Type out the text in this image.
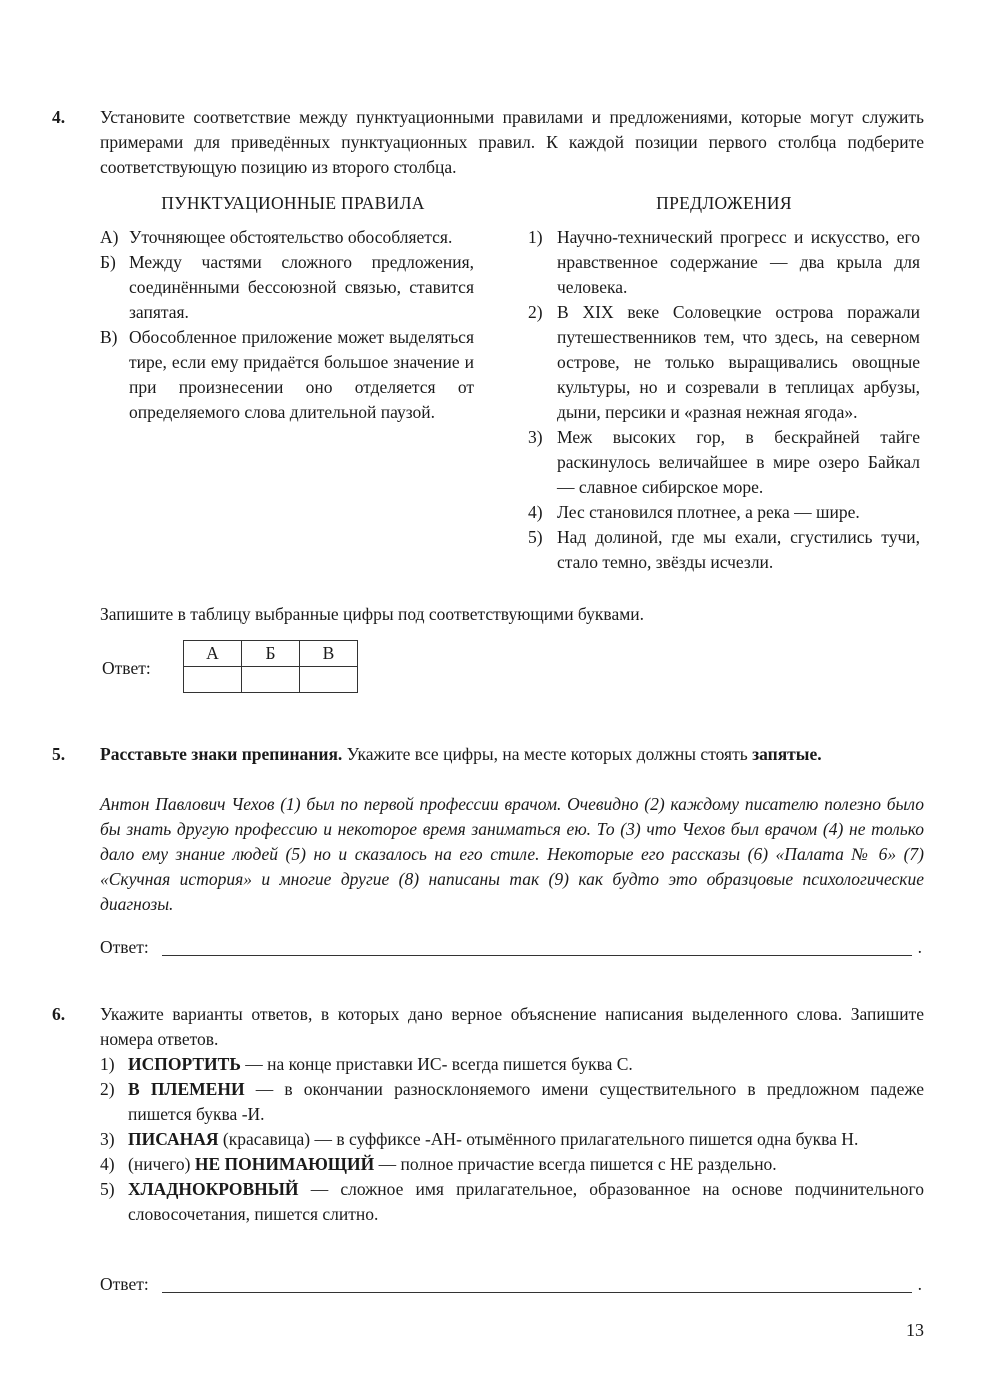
4. Установите соответствие между пунктуационными правилами и предложениями, которые могут служить примерами для приведённых пунктуационных правил. К каждой позиции первого столбца подберите соответствующую позицию из второго столбца.
ПУНКТУАЦИОННЫЕ ПРАВИЛА	ПРЕДЛОЖЕНИЯ
А) Уточняющее обстоятельство обособляется.
Б) Между частями сложного предложения, соединёнными бессоюзной связью, ставится запятая.
В) Обособленное приложение может выделяться тире, если ему придаётся большое значение и при произнесении оно отделяется от определяемого слова длительной паузой.
1) Научно-технический прогресс и искусство, его нравственное содержание — два крыла для человека.
2) В XIX веке Соловецкие острова поражали путешественников тем, что здесь, на северном острове, не только выращивались овощные культуры, но и созревали в теплицах арбузы, дыни, персики и «разная нежная ягода».
3) Меж высоких гор, в бескрайней тайге раскинулось величайшее в мире озеро Байкал — славное сибирское море.
4) Лес становился плотнее, а река — шире.
5) Над долиной, где мы ехали, сгустились тучи, стало темно, звёзды исчезли.
Запишите в таблицу выбранные цифры под соответствующими буквами.
Ответ:
А	Б	В

5. Расставьте знаки препинания. Укажите все цифры, на месте которых должны стоять запятые.
Антон Павлович Чехов (1) был по первой профессии врачом. Очевидно (2) каждому писателю полезно было бы знать другую профессию и некоторое время заниматься ею. То (3) что Чехов был врачом (4) не только дало ему знание людей (5) но и сказалось на его стиле. Некоторые его рассказы (6) «Палата № 6» (7) «Скучная история» и многие другие (8) написаны так (9) как будто это образцовые психологические диагнозы.
Ответ:	.
6. Укажите варианты ответов, в которых дано верное объяснение написания выделенного слова. Запишите номера ответов.
1) ИСПОРТИТЬ — на конце приставки ИС- всегда пишется буква С.
2) В ПЛЕМЕНИ — в окончании разносклоняемого имени существительного в предложном падеже пишется буква -И.
3) ПИСАНАЯ (красавица) — в суффиксе -АН- отымённого прилагательного пишется одна буква Н.
4) (ничего) НЕ ПОНИМАЮЩИЙ — полное причастие всегда пишется с НЕ раздельно.
5) ХЛАДНОКРОВНЫЙ — сложное имя прилагательное, образованное на основе подчинительного словосочетания, пишется слитно.
Ответ:	.
13
